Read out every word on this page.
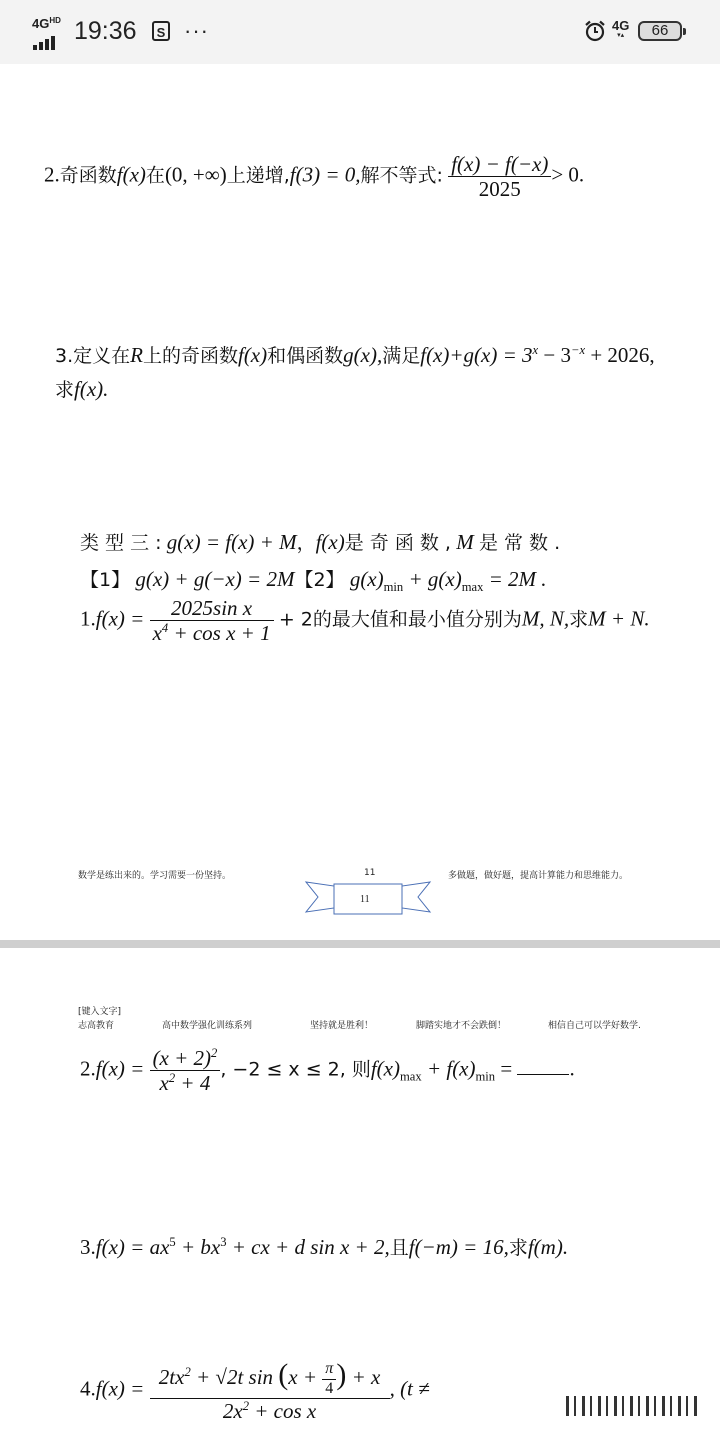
$4G^{HD}$ 19:36	S ···	4G
▾▴	66
2.奇函数f(x)在(0, +∞)上递增,f(3) = 0,解不等式: $\frac{f(x) - f(-x)}{2025} > 0$.
3.定义在R上的奇函数f(x)和偶函数g(x),满足$f(x)+g(x) = 3^x - 3^{-x} + 2026$,
求f(x).
类 型 三 : g(x) = f(x) + M，f(x)是 奇 函 数 , M 是 常 数 .
【1】 g(x) + g(−x) = 2M【2】 $g(x)_{min} + g(x)_{max} = 2M$ .
$1.f(x) = \frac{\text{2025sin x}}{x^4 + \cos x + 1} + 2$的最大值和最小值分别为M, N,求M + N.
数学是练出来的。学习需要一份坚持。	11	多做题，做好题，提高计算能力和思维能力。
11
[键入文字]
志高教育	高中数学强化训练系列	坚持就是胜利！	脚踏实地才不会跌倒！	相信自己可以学好数学.
$2.f(x) = \frac{(x + 2)^2}{x^2 + 4}$ , −2 ≤ x ≤ 2, 则$f(x)_{max} + f(x)_{min}$ =	.
$3.f(x) = ax^5 + bx^3$ + cx + d sin x + 2,且f(−m) = 16,求f(m).
$4.f(x) = \frac{2tx^2 + √2t \sin (x + \frac{\pi}{4} ) + x}{2x^2 + \cos x}$ , (t ≠
